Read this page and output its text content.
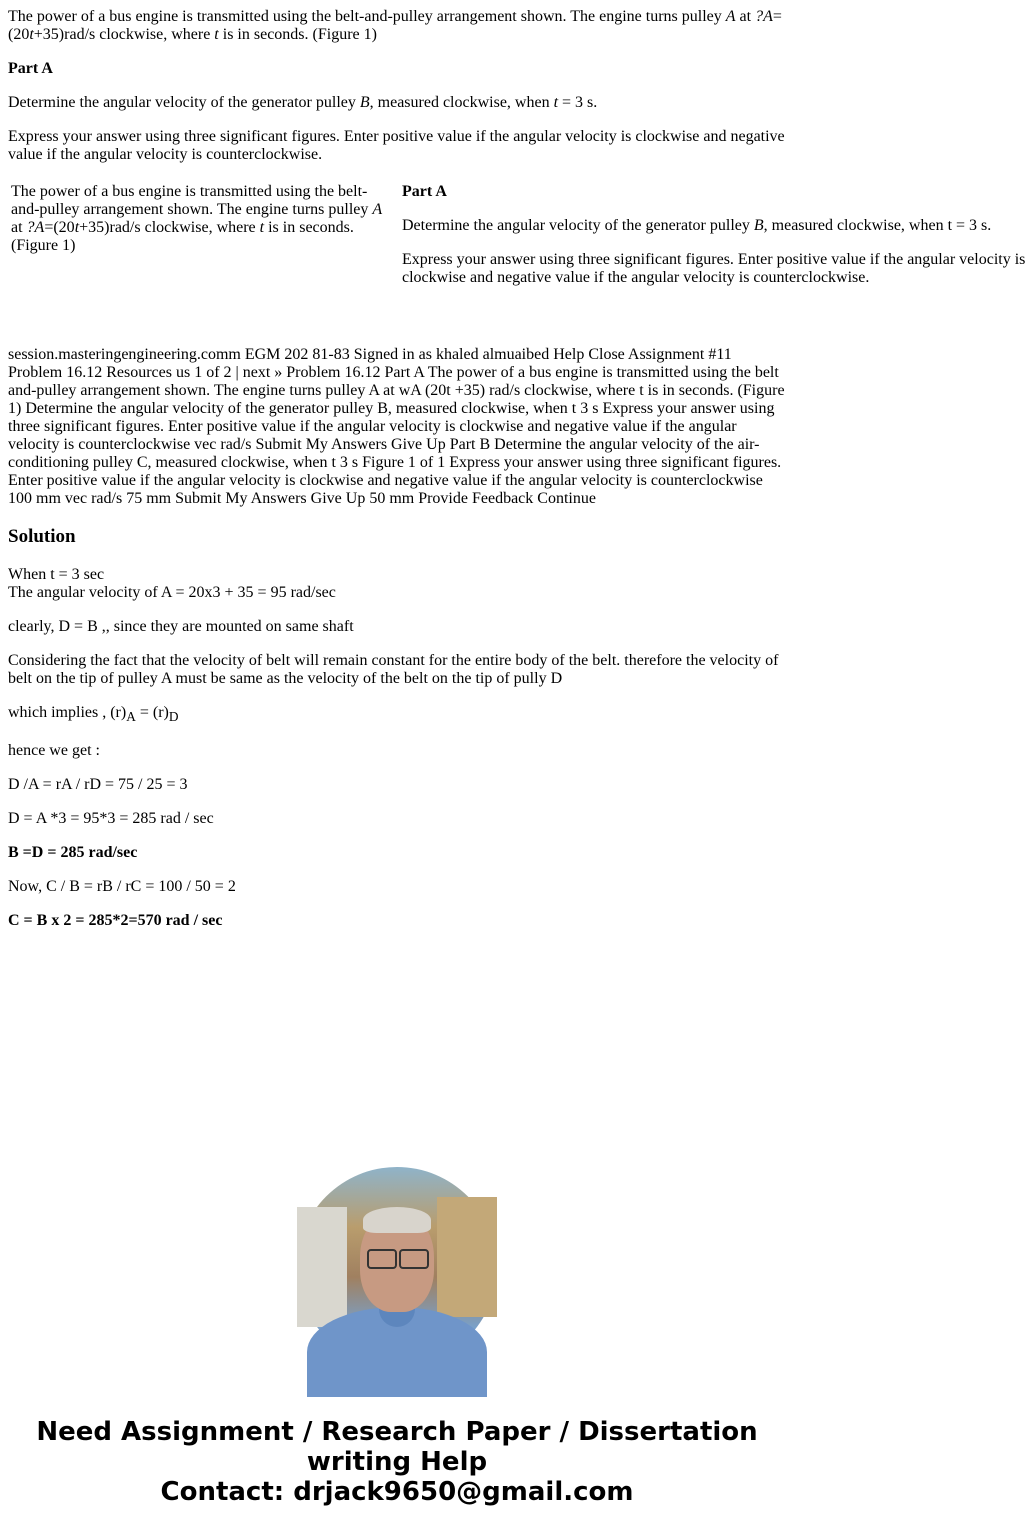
The power of a bus engine is transmitted using the belt-and-pulley arrangement shown. The engine turns pulley A at ?A= (20t+35)rad/s clockwise, where t is in seconds. (Figure 1)

Part A

Determine the angular velocity of the generator pulley B, measured clockwise, when t = 3 s.

Express your answer using three significant figures. Enter positive value if the angular velocity is clockwise and negative value if the angular velocity is counterclockwise.

The power of a bus engine is transmitted using the belt-and-pulley arrangement shown. The engine turns pulley A at ?A=(20t+35)rad/s clockwise, where t is in seconds. (Figure 1)

Part A

Determine the angular velocity of the generator pulley B, measured clockwise, when t = 3 s.

Express your answer using three significant figures. Enter positive value if the angular velocity is
clockwise and negative value if the angular velocity is counterclockwise.

session.masteringengineering.comm EGM 202 81-83 Signed in as khaled almuaibed Help Close Assignment #11 Problem 16.12 Resources us 1 of 2 | next » Problem 16.12 Part A The power of a bus engine is transmitted using the belt and-pulley arrangement shown. The engine turns pulley A at wA (20t +35) rad/s clockwise, where t is in seconds. (Figure 1) Determine the angular velocity of the generator pulley B, measured clockwise, when t 3 s Express your answer using three significant figures. Enter positive value if the angular velocity is clockwise and negative value if the angular velocity is counterclockwise vec rad/s Submit My Answers Give Up Part B Determine the angular velocity of the air-conditioning pulley C, measured clockwise, when t 3 s Figure 1 of 1 Express your answer using three significant figures. Enter positive value if the angular velocity is clockwise and negative value if the angular velocity is counterclockwise 100 mm vec rad/s 75 mm Submit My Answers Give Up 50 mm Provide Feedback Continue

Solution

When t = 3 sec
The angular velocity of A = 20x3 + 35 = 95 rad/sec

clearly, D = B ,, since they are mounted on same shaft

Considering the fact that the velocity of belt will remain constant for the entire body of the belt. therefore the velocity of belt on the tip of pulley A must be same as the velocity of the belt on the tip of pully D

which implies , $(r)_A = (r)_D$

hence we get :

D /A = rA / rD = 75 / 25 = 3

D = A *3 = 95*3 = 285 rad / sec

B =D = 285 rad/sec

Now, C / B = rB / rC = 100 / 50 = 2

C = B x 2 = 285*2=570 rad / sec

Need Assignment / Research Paper / Dissertation
writing Help
Contact: drjack9650@gmail.com
